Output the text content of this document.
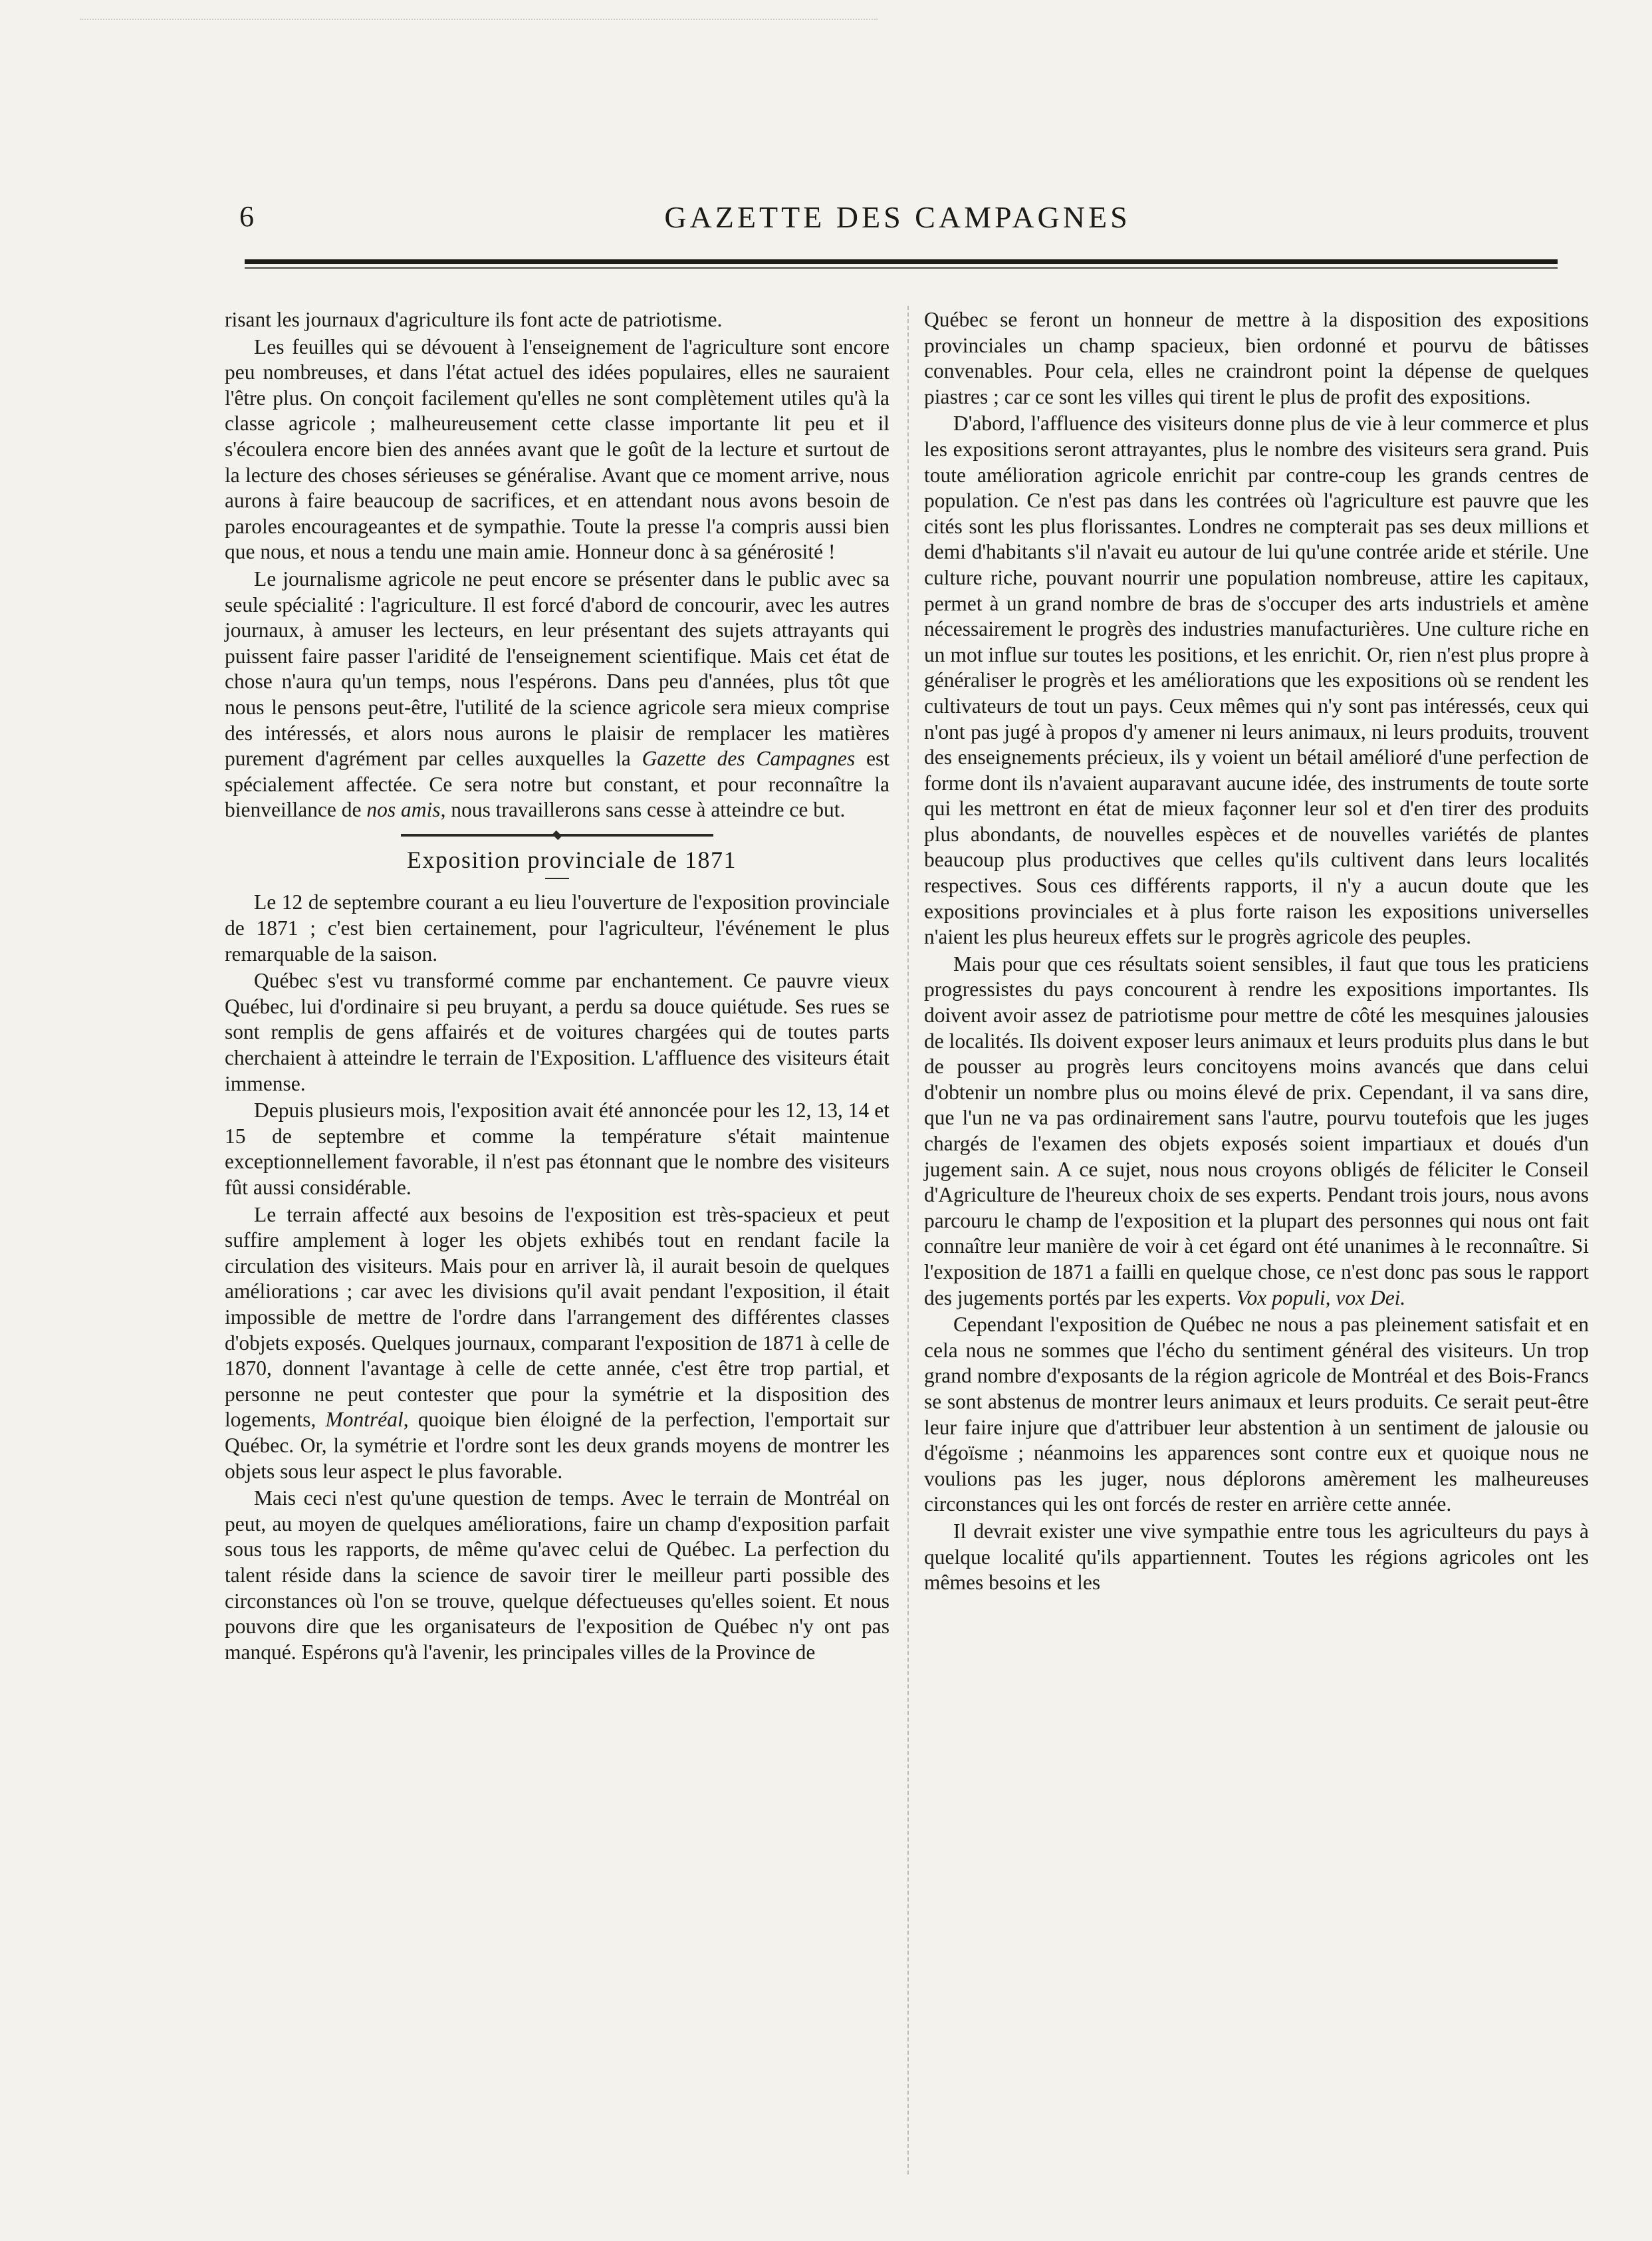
6	GAZETTE DES CAMPAGNES

risant les journaux d'agriculture ils font acte de patriotisme.

Les feuilles qui se dévouent à l'enseignement de l'agriculture sont encore peu nombreuses, et dans l'état actuel des idées populaires, elles ne sauraient l'être plus. On conçoit facilement qu'elles ne sont complètement utiles qu'à la classe agricole ; malheureusement cette classe importante lit peu et il s'écoulera encore bien des années avant que le goût de la lecture et surtout de la lecture des choses sérieuses se généralise. Avant que ce moment arrive, nous aurons à faire beaucoup de sacrifices, et en attendant nous avons besoin de paroles encourageantes et de sympathie. Toute la presse l'a compris aussi bien que nous, et nous a tendu une main amie. Honneur donc à sa générosité !

Le journalisme agricole ne peut encore se présenter dans le public avec sa seule spécialité : l'agriculture. Il est forcé d'abord de concourir, avec les autres journaux, à amuser les lecteurs, en leur présentant des sujets attrayants qui puissent faire passer l'aridité de l'enseignement scientifique. Mais cet état de chose n'aura qu'un temps, nous l'espérons. Dans peu d'années, plus tôt que nous le pensons peut-être, l'utilité de la science agricole sera mieux comprise des intéressés, et alors nous aurons le plaisir de remplacer les matières purement d'agrément par celles auxquelles la Gazette des Campagnes est spécialement affectée. Ce sera notre but constant, et pour reconnaître la bienveillance de nos amis, nous travaillerons sans cesse à atteindre ce but.

Exposition provinciale de 1871

Le 12 de septembre courant a eu lieu l'ouverture de l'exposition provinciale de 1871 ; c'est bien certainement, pour l'agriculteur, l'événement le plus remarquable de la saison.

Québec s'est vu transformé comme par enchantement. Ce pauvre vieux Québec, lui d'ordinaire si peu bruyant, a perdu sa douce quiétude. Ses rues se sont remplis de gens affairés et de voitures chargées qui de toutes parts cherchaient à atteindre le terrain de l'Exposition. L'affluence des visiteurs était immense.

Depuis plusieurs mois, l'exposition avait été annoncée pour les 12, 13, 14 et 15 de septembre et comme la température s'était maintenue exceptionnellement favorable, il n'est pas étonnant que le nombre des visiteurs fût aussi considérable.

Le terrain affecté aux besoins de l'exposition est très-spacieux et peut suffire amplement à loger les objets exhibés tout en rendant facile la circulation des visiteurs. Mais pour en arriver là, il aurait besoin de quelques améliorations ; car avec les divisions qu'il avait pendant l'exposition, il était impossible de mettre de l'ordre dans l'arrangement des différentes classes d'objets exposés. Quelques journaux, comparant l'exposition de 1871 à celle de 1870, donnent l'avantage à celle de cette année, c'est être trop partial, et personne ne peut contester que pour la symétrie et la disposition des logements, Montréal, quoique bien éloigné de la perfection, l'emportait sur Québec. Or, la symétrie et l'ordre sont les deux grands moyens de montrer les objets sous leur aspect le plus favorable.

Mais ceci n'est qu'une question de temps. Avec le terrain de Montréal on peut, au moyen de quelques améliorations, faire un champ d'exposition parfait sous tous les rapports, de même qu'avec celui de Québec. La perfection du talent réside dans la science de savoir tirer le meilleur parti possible des circonstances où l'on se trouve, quelque défectueuses qu'elles soient. Et nous pouvons dire que les organisateurs de l'exposition de Québec n'y ont pas manqué. Espérons qu'à l'avenir, les principales villes de la Province de

Québec se feront un honneur de mettre à la disposition des expositions provinciales un champ spacieux, bien ordonné et pourvu de bâtisses convenables. Pour cela, elles ne craindront point la dépense de quelques piastres ; car ce sont les villes qui tirent le plus de profit des expositions.

D'abord, l'affluence des visiteurs donne plus de vie à leur commerce et plus les expositions seront attrayantes, plus le nombre des visiteurs sera grand. Puis toute amélioration agricole enrichit par contre-coup les grands centres de population. Ce n'est pas dans les contrées où l'agriculture est pauvre que les cités sont les plus florissantes. Londres ne compterait pas ses deux millions et demi d'habitants s'il n'avait eu autour de lui qu'une contrée aride et stérile. Une culture riche, pouvant nourrir une population nombreuse, attire les capitaux, permet à un grand nombre de bras de s'occuper des arts industriels et amène nécessairement le progrès des industries manufacturières. Une culture riche en un mot influe sur toutes les positions, et les enrichit. Or, rien n'est plus propre à généraliser le progrès et les améliorations que les expositions où se rendent les cultivateurs de tout un pays. Ceux mêmes qui n'y sont pas intéressés, ceux qui n'ont pas jugé à propos d'y amener ni leurs animaux, ni leurs produits, trouvent des enseignements précieux, ils y voient un bétail amélioré d'une perfection de forme dont ils n'avaient auparavant aucune idée, des instruments de toute sorte qui les mettront en état de mieux façonner leur sol et d'en tirer des produits plus abondants, de nouvelles espèces et de nouvelles variétés de plantes beaucoup plus productives que celles qu'ils cultivent dans leurs localités respectives. Sous ces différents rapports, il n'y a aucun doute que les expositions provinciales et à plus forte raison les expositions universelles n'aient les plus heureux effets sur le progrès agricole des peuples.

Mais pour que ces résultats soient sensibles, il faut que tous les praticiens progressistes du pays concourent à rendre les expositions importantes. Ils doivent avoir assez de patriotisme pour mettre de côté les mesquines jalousies de localités. Ils doivent exposer leurs animaux et leurs produits plus dans le but de pousser au progrès leurs concitoyens moins avancés que dans celui d'obtenir un nombre plus ou moins élevé de prix. Cependant, il va sans dire, que l'un ne va pas ordinairement sans l'autre, pourvu toutefois que les juges chargés de l'examen des objets exposés soient impartiaux et doués d'un jugement sain. A ce sujet, nous nous croyons obligés de féliciter le Conseil d'Agriculture de l'heureux choix de ses experts. Pendant trois jours, nous avons parcouru le champ de l'exposition et la plupart des personnes qui nous ont fait connaître leur manière de voir à cet égard ont été unanimes à le reconnaître. Si l'exposition de 1871 a failli en quelque chose, ce n'est donc pas sous le rapport des jugements portés par les experts. Vox populi, vox Dei.

Cependant l'exposition de Québec ne nous a pas pleinement satisfait et en cela nous ne sommes que l'écho du sentiment général des visiteurs. Un trop grand nombre d'exposants de la région agricole de Montréal et des Bois-Francs se sont abstenus de montrer leurs animaux et leurs produits. Ce serait peut-être leur faire injure que d'attribuer leur abstention à un sentiment de jalousie ou d'égoïsme ; néanmoins les apparences sont contre eux et quoique nous ne voulions pas les juger, nous déplorons amèrement les malheureuses circonstances qui les ont forcés de rester en arrière cette année.

Il devrait exister une vive sympathie entre tous les agriculteurs du pays à quelque localité qu'ils appartiennent. Toutes les régions agricoles ont les mêmes besoins et les
